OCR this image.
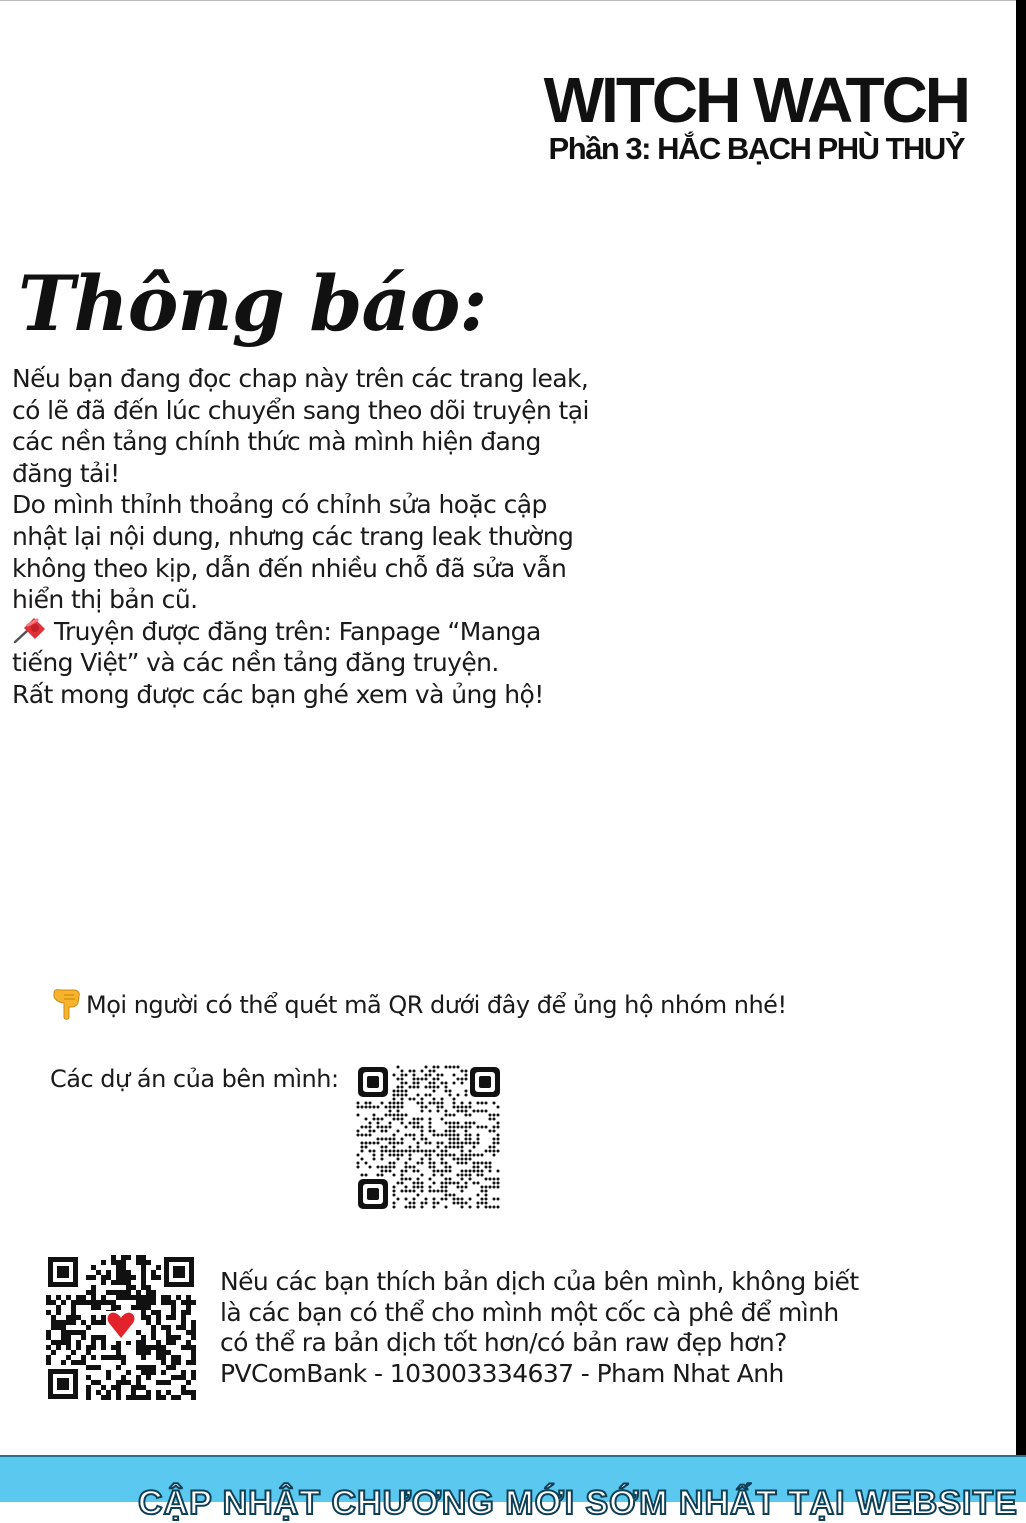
WITCH WATCH
Phần 3: HẮC BẠCH PHÙ THUỶ
Thông báo:

Nếu bạn đang đọc chap này trên các trang leak,

có lẽ đã đến lúc chuyển sang theo dõi truyện tại

các nền tảng chính thức mà mình hiện đang

đăng tải!

Do mình thỉnh thoảng có chỉnh sửa hoặc cập

nhật lại nội dung, nhưng các trang leak thường

không theo kịp, dẫn đến nhiều chỗ đã sửa vẫn

hiển thị bản cũ.

Truyện được đăng trên: Fanpage “Manga

tiếng Việt” và các nền tảng đăng truyện.

Rất mong được các bạn ghé xem và ủng hộ!

Mọi người có thể quét mã QR dưới đây để ủng hộ nhóm nhé!
Các dự án của bên mình:

Nếu các bạn thích bản dịch của bên mình, không biết

là các bạn có thể cho mình một cốc cà phê để mình

có thể ra bản dịch tốt hơn/có bản raw đẹp hơn?

PVComBank - 103003334637 - Pham Nhat Anh

CẬP NHẬT CHƯƠNG MỚI SỚM NHẤT TẠI WEBSITE
